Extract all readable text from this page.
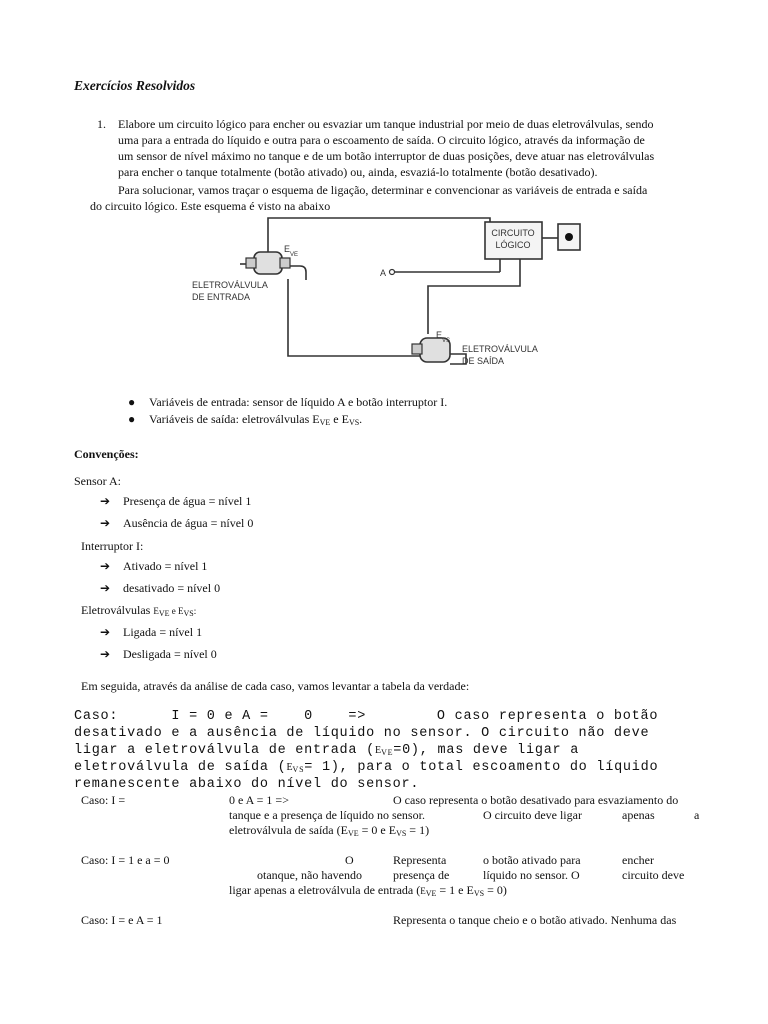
Exercícios Resolvidos
1. Elabore um circuito lógico para encher ou esvaziar um tanque industrial por meio de duas eletroválvulas, sendo
uma para a entrada do líquido e outra para o escoamento de saída. O circuito lógico, através da informação de
um sensor de nível máximo no tanque e de um botão interruptor de duas posições, deve atuar nas eletroválvulas
para encher o tanque totalmente (botão ativado) ou, ainda, esvaziá-lo totalmente (botão desativado).
Para solucionar, vamos traçar o esquema de ligação, determinar e convencionar as variáveis de entrada e saída
do circuito lógico. Este esquema é visto na abaixo
CIRCUITO
LÓGICO
ELETROVÁLVULA
DE ENTRADA
ELETROVÁLVULA
DE SAÍDA
A
E
VE
E
VS
● Variáveis de entrada: sensor de líquido A e botão interruptor I.
● Variáveis de saída: eletroválvulas $E_{VE}$ e $E_{VS}$.
Convenções:
Sensor A:
➔ Presença de água = nível 1
➔ Ausência de água = nível 0
Interruptor I:
➔ Ativado = nível 1
➔ desativado = nível 0
Eletroválvulas $E_{VE}$ e $E_{VS}$:
➔ Ligada = nível 1
➔ Desligada = nível 0
Em seguida, através da análise de cada caso, vamos levantar a tabela da verdade:
Caso:      I = 0 e A =    0    =>        O caso representa o botão
desativado e a ausência de líquido no sensor. O circuito não deve
ligar a eletroválvula de entrada $(E_{VE}=0)$, mas deve ligar a
eletroválvula de saída $(E_{VS}= 1)$, para o total escoamento do líquido
remanescente abaixo do nível do sensor.
Caso: I =	0 e A = 1 =>	O caso representa o botão desativado para esvaziamento do
tanque e a presença de líquido no sensor.	O circuito deve ligar	apenas	a
eletroválvula de saída ($E_{VE} = 0$ e $E_{VS} = 1$)
Caso: I = 1 e a = 0	O	Representa	o botão ativado para	encher
otanque, não havendo	presença de	líquido no sensor. O	circuito deve
ligar apenas a eletroválvula de entrada ($E_{VE} = 1$ e $E_{VS} = 0$)
Caso: I = e A = 1	Representa o tanque cheio e o botão ativado. Nenhuma das
